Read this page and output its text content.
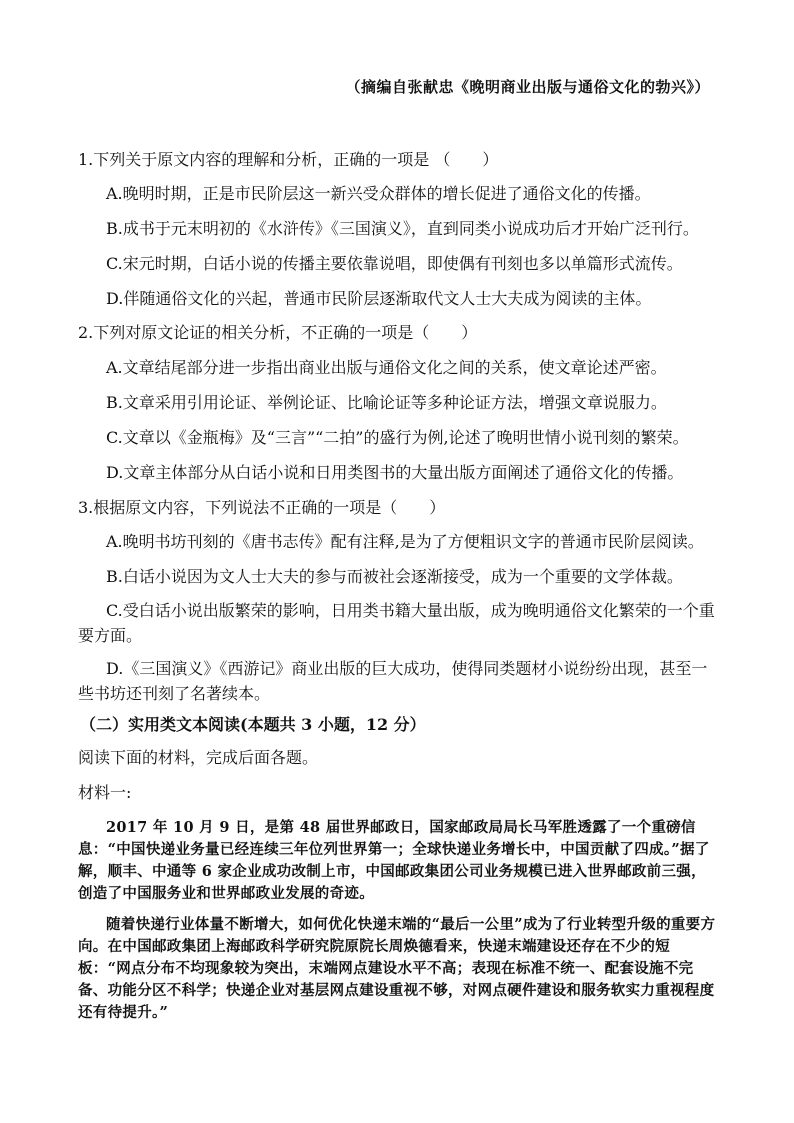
（摘编自张献忠《晚明商业出版与通俗文化的勃兴》）
1.下列关于原文内容的理解和分析，正确的一项是 （　　）
A.晚明时期，正是市民阶层这一新兴受众群体的增长促进了通俗文化的传播。
B.成书于元末明初的《水浒传》《三国演义》，直到同类小说成功后才开始广泛刊行。
C.宋元时期，白话小说的传播主要依靠说唱，即使偶有刊刻也多以单篇形式流传。
D.伴随通俗文化的兴起，普通市民阶层逐渐取代文人士大夫成为阅读的主体。
2.下列对原文论证的相关分析，不正确的一项是（　　）
A.文章结尾部分进一步指出商业出版与通俗文化之间的关系，使文章论述严密。
B.文章采用引用论证、举例论证、比喻论证等多种论证方法，增强文章说服力。
C.文章以《金瓶梅》及“三言”“二拍”的盛行为例,论述了晚明世情小说刊刻的繁荣。
D.文章主体部分从白话小说和日用类图书的大量出版方面阐述了通俗文化的传播。
3.根据原文内容，下列说法不正确的一项是（　　）
A.晚明书坊刊刻的《唐书志传》配有注释,是为了方便粗识文字的普通市民阶层阅读。
B.白话小说因为文人士大夫的参与而被社会逐渐接受，成为一个重要的文学体裁。
C.受白话小说出版繁荣的影响，日用类书籍大量出版，成为晚明通俗文化繁荣的一个重要方面。
D.《三国演义》《西游记》商业出版的巨大成功，使得同类题材小说纷纷出现，甚至一些书坊还刊刻了名著续本。
（二）实用类文本阅读(本题共 3 小题，12 分）
阅读下面的材料，完成后面各题。
材料一:
2017 年 10 月 9 日，是第 48 届世界邮政日，国家邮政局局长马军胜透露了一个重磅信息：“中国快递业务量已经连续三年位列世界第一；全球快递业务增长中，中国贡献了四成。”据了解，顺丰、中通等 6 家企业成功改制上市，中国邮政集团公司业务规模已进入世界邮政前三强，创造了中国服务业和世界邮政业发展的奇迹。
随着快递行业体量不断增大，如何优化快递末端的“最后一公里”成为了行业转型升级的重要方向。在中国邮政集团上海邮政科学研究院原院长周焕德看来，快递末端建设还存在不少的短板：“网点分布不均现象较为突出，末端网点建设水平不高；表现在标准不统一、配套设施不完备、功能分区不科学；快递企业对基层网点建设重视不够，对网点硬件建设和服务软实力重视程度还有待提升。”
